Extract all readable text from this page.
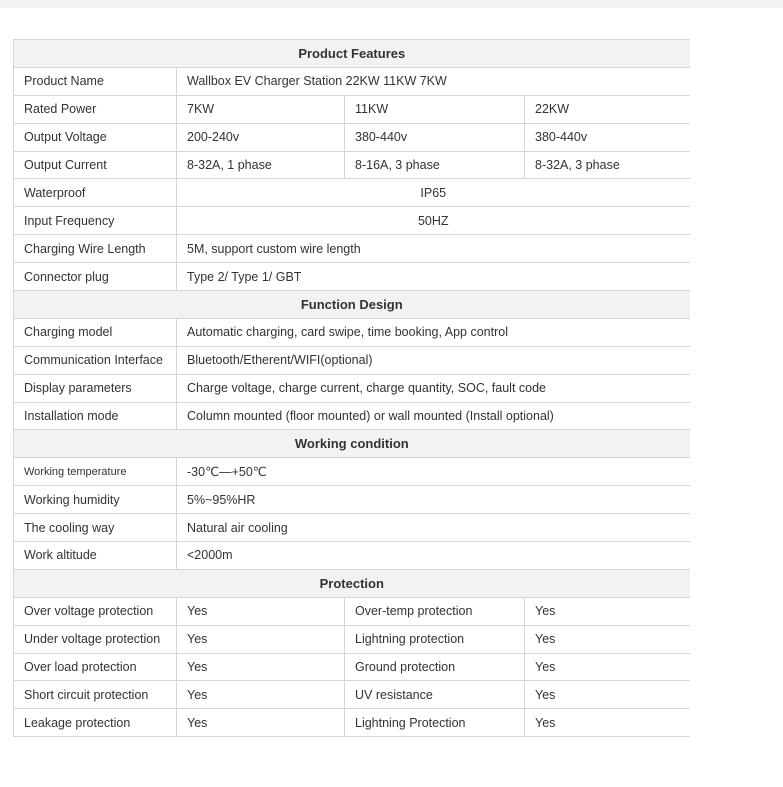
Product Features			
Product Name	Wallbox EV Charger Station 22KW 11KW 7KW		
Rated Power	7KW	11KW	22KW
Output Voltage	200-240v	380-440v	380-440v
Output Current	8-32A, 1 phase	8-16A, 3 phase	8-32A, 3 phase
Waterproof	IP65		
Input Frequency	50HZ		
Charging Wire Length	5M, support custom wire length		
Connector plug	Type 2/ Type 1/ GBT		
Function Design			
Charging model	Automatic charging, card swipe, time booking, App control		
Communication Interface	Bluetooth/Etherent/WIFI(optional)		
Display parameters	Charge voltage, charge current, charge quantity, SOC, fault code		
Installation mode	Column mounted (floor mounted) or wall mounted (Install optional)		
Working condition			
Working temperature	-30℃—+50℃		
Working humidity	5%~95%HR		
The cooling way	Natural air cooling		
Work altitude	<2000m		
Protection			
Over voltage protection	Yes	Over-temp protection	Yes
Under voltage protection	Yes	Lightning protection	Yes
Over load protection	Yes	Ground protection	Yes
Short circuit protection	Yes	UV resistance	Yes
Leakage protection	Yes	Lightning Protection	Yes
